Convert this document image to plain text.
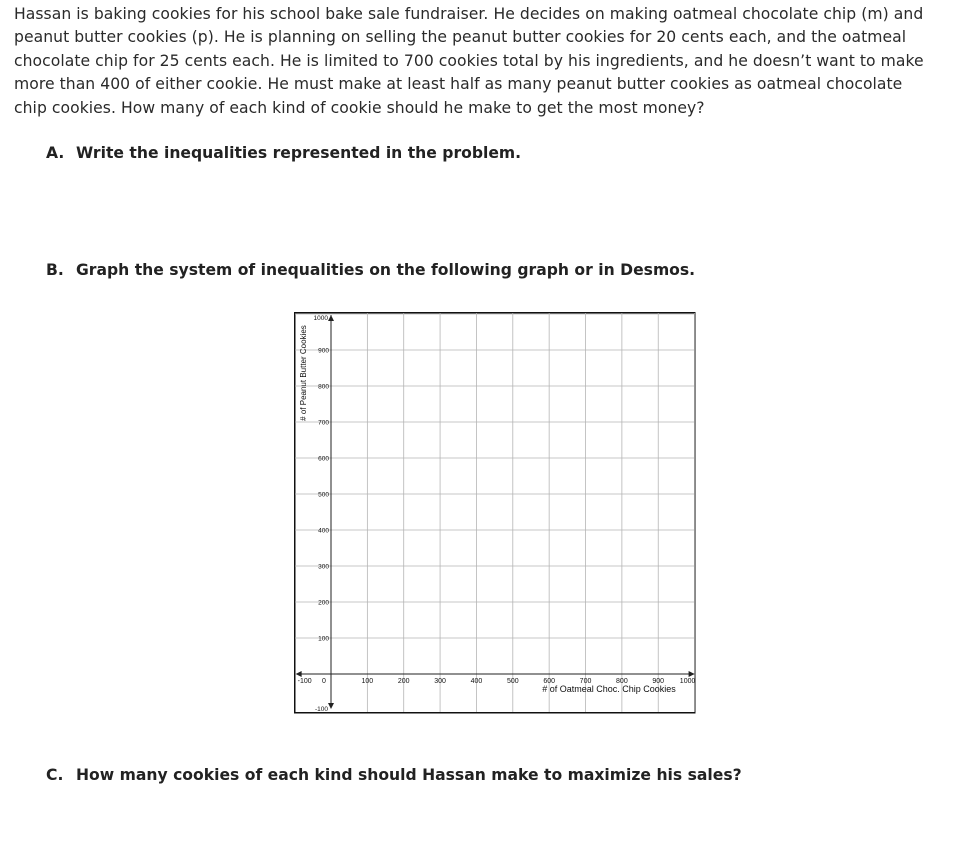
Hassan is baking cookies for his school bake sale fundraiser. He decides on making oatmeal chocolate chip (m) and peanut butter cookies (p). He is planning on selling the peanut butter cookies for 20 cents each, and the oatmeal chocolate chip for 25 cents each. He is limited to 700 cookies total by his ingredients, and he doesn’t want to make more than 400 of either cookie. He must make at least half as many peanut butter cookies as oatmeal chocolate chip cookies. How many of each kind of cookie should he make to get the most money?

A. Write the inequalities represented in the problem.
B. Graph the system of inequalities on the following graph or in Desmos.
-100 0	100	200	300	400	500	600	700	800	900 1000
-100
100
200
300
400
500
600
700
800
900
1000
# of Oatmeal Choc. Chip Cookies
# of Peanut Butter Cookies
C. How many cookies of each kind should Hassan make to maximize his sales?
